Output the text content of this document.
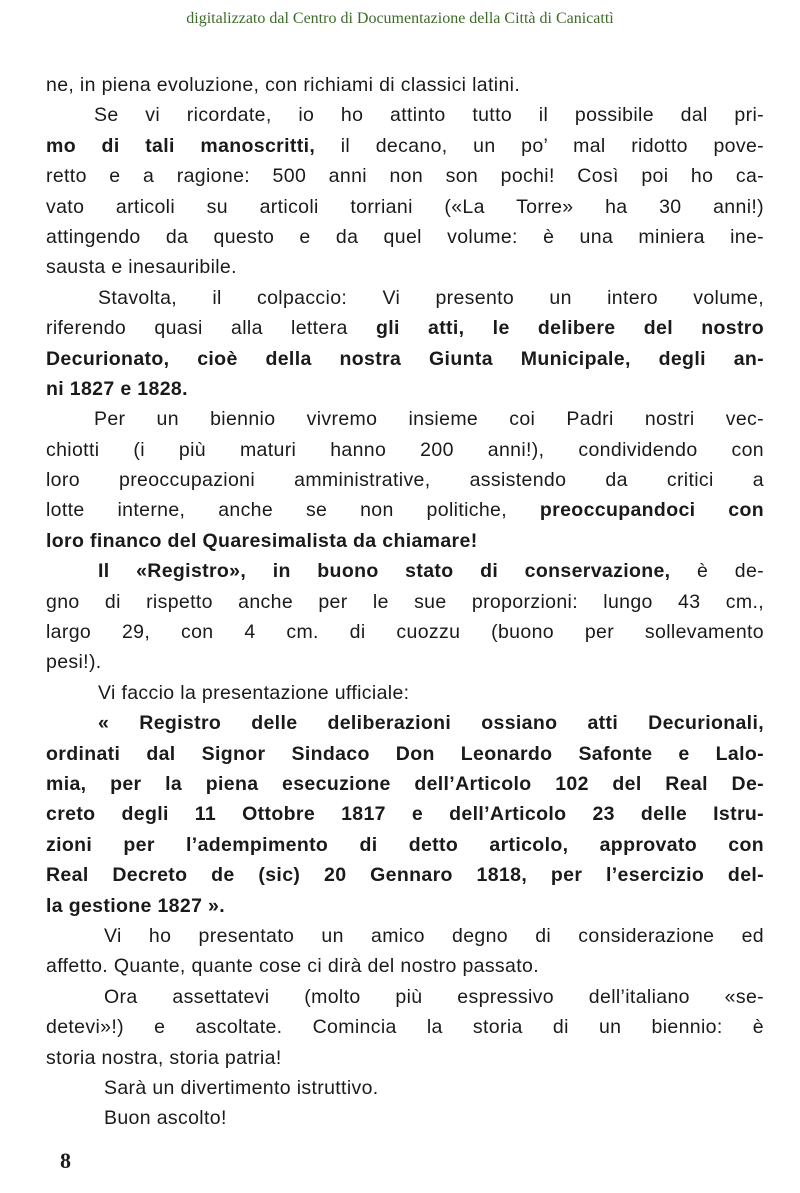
digitalizzato dal Centro di Documentazione della Città di Canicattì
ne, in piena evoluzione, con richiami di classici latini.
Se vi ricordate, io ho attinto tutto il possibile dal pri-
mo di tali manoscritti, il decano, un po’ mal ridotto pove-
retto e a ragione: 500 anni non son pochi! Così poi ho ca-
vato articoli su articoli torriani («La Torre» ha 30 anni!)
attingendo da questo e da quel volume: è una miniera ine-
sausta e inesauribile.
Stavolta, il colpaccio: Vi presento un intero volume,
riferendo quasi alla lettera gli atti, le delibere del nostro
Decurionato, cioè della nostra Giunta Municipale, degli an-
ni 1827 e 1828.
Per un biennio vivremo insieme coi Padri nostri vec-
chiotti (i più maturi hanno 200 anni!), condividendo con
loro preoccupazioni amministrative, assistendo da critici a
lotte interne, anche se non politiche, preoccupandoci con
loro financo del Quaresimalista da chiamare!
Il «Registro», in buono stato di conservazione, è de-
gno di rispetto anche per le sue proporzioni: lungo 43 cm.,
largo 29, con 4 cm. di cuozzu (buono per sollevamento
pesi!).
Vi faccio la presentazione ufficiale:
« Registro delle deliberazioni ossiano atti Decurionali,
ordinati dal Signor Sindaco Don Leonardo Safonte e Lalo-
mia, per la piena esecuzione dell’Articolo 102 del Real De-
creto degli 11 Ottobre 1817 e dell’Articolo 23 delle Istru-
zioni per l’adempimento di detto articolo, approvato con
Real Decreto de (sic) 20 Gennaro 1818, per l’esercizio del-
la gestione 1827 ».
Vi ho presentato un amico degno di considerazione ed
affetto. Quante, quante cose ci dirà del nostro passato.
Ora assettatevi (molto più espressivo dell’italiano «se-
detevi»!) e ascoltate. Comincia la storia di un biennio: è
storia nostra, storia patria!
Sarà un divertimento istruttivo.
Buon ascolto!
8
